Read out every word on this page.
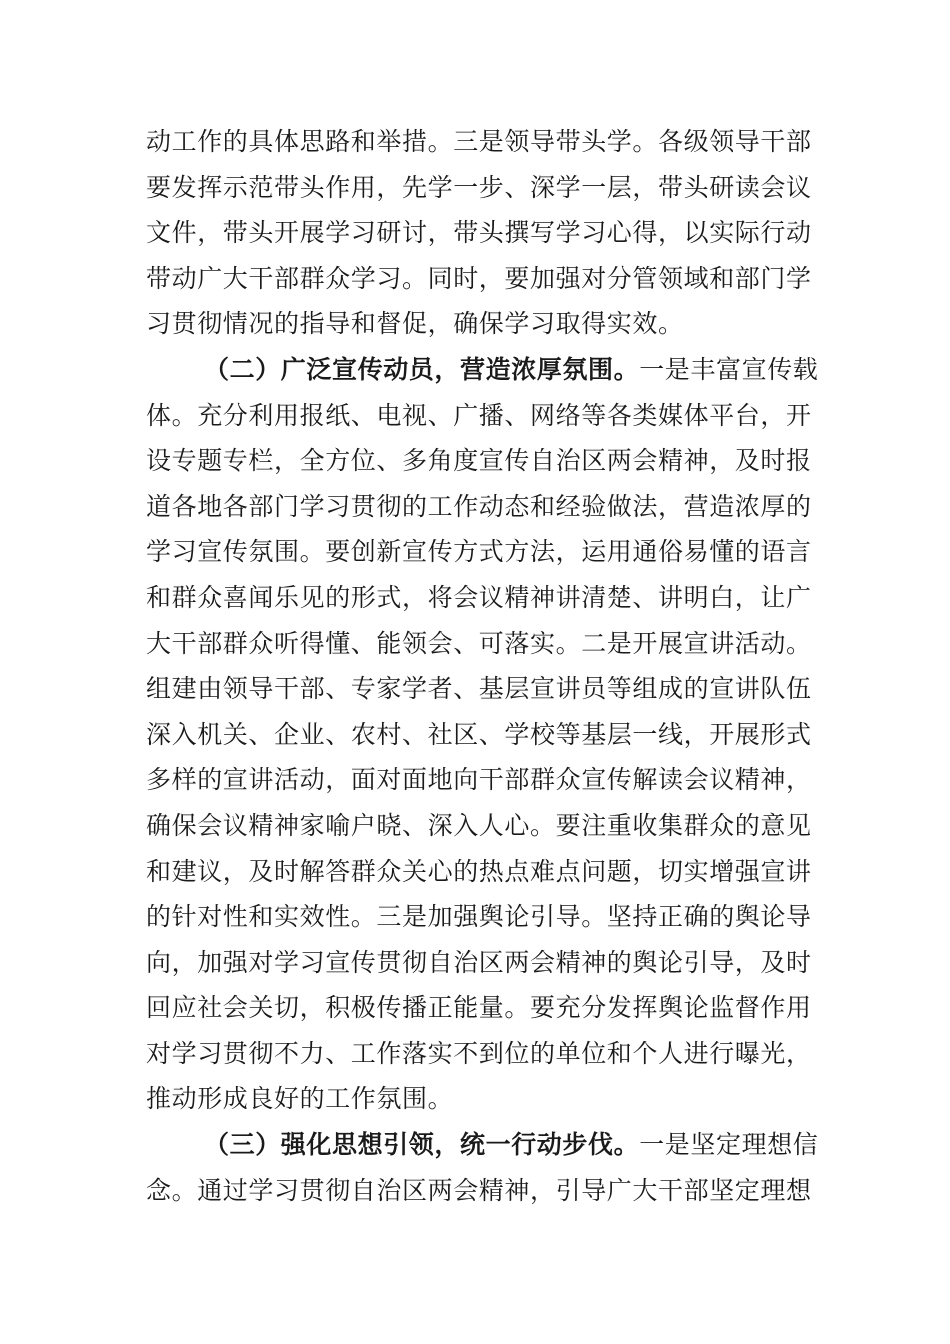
动工作的具体思路和举措。三是领导带头学。各级领导干部
要发挥示范带头作用，先学一步、深学一层，带头研读会议
文件，带头开展学习研讨，带头撰写学习心得，以实际行动
带动广大干部群众学习。同时，要加强对分管领域和部门学
习贯彻情况的指导和督促，确保学习取得实效。
（二）广泛宣传动员，营造浓厚氛围。一是丰富宣传载
体。充分利用报纸、电视、广播、网络等各类媒体平台，开
设专题专栏，全方位、多角度宣传自治区两会精神，及时报
道各地各部门学习贯彻的工作动态和经验做法，营造浓厚的
学习宣传氛围。要创新宣传方式方法，运用通俗易懂的语言
和群众喜闻乐见的形式，将会议精神讲清楚、讲明白，让广
大干部群众听得懂、能领会、可落实。二是开展宣讲活动。
组建由领导干部、专家学者、基层宣讲员等组成的宣讲队伍
深入机关、企业、农村、社区、学校等基层一线，开展形式
多样的宣讲活动，面对面地向干部群众宣传解读会议精神，
确保会议精神家喻户晓、深入人心。要注重收集群众的意见
和建议，及时解答群众关心的热点难点问题，切实增强宣讲
的针对性和实效性。三是加强舆论引导。坚持正确的舆论导
向，加强对学习宣传贯彻自治区两会精神的舆论引导，及时
回应社会关切，积极传播正能量。要充分发挥舆论监督作用
对学习贯彻不力、工作落实不到位的单位和个人进行曝光，
推动形成良好的工作氛围。
（三）强化思想引领，统一行动步伐。一是坚定理想信
念。通过学习贯彻自治区两会精神，引导广大干部坚定理想
